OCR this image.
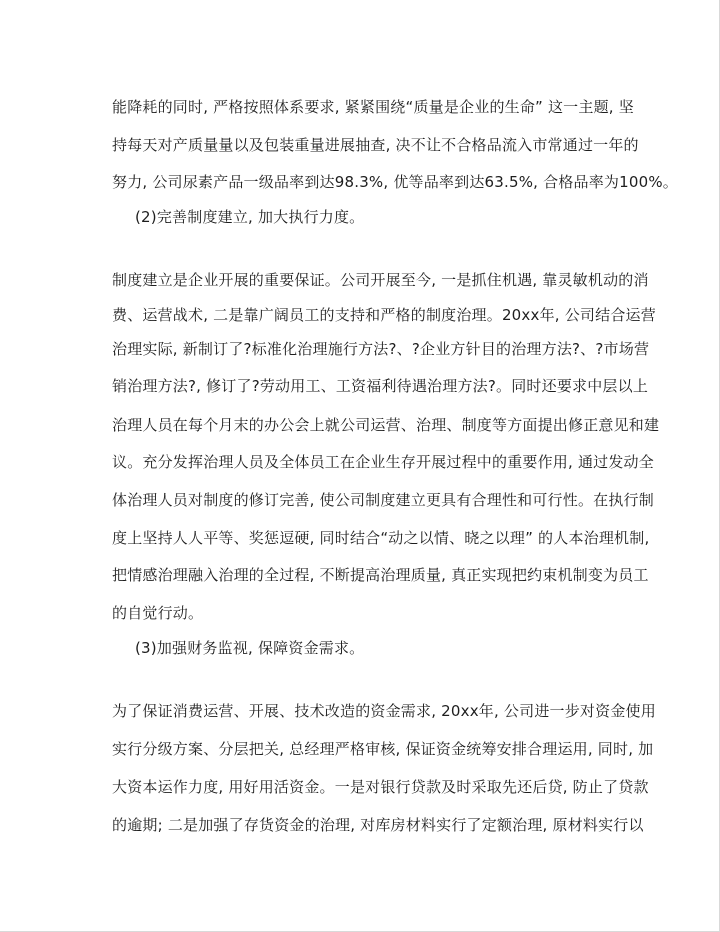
能降耗的同时, 严格按照体系要求, 紧紧围绕“质量是企业的生命” 这一主题, 坚

持每天对产质量量以及包装重量进展抽查, 决不让不合格品流入市常通过一年的

努力, 公司尿素产品一级品率到达98.3%, 优等品率到达63.5%, 合格品率为100%。

(2)完善制度建立, 加大执行力度。

制度建立是企业开展的重要保证。公司开展至今, 一是抓住机遇, 靠灵敏机动的消

费、运营战术, 二是靠广阔员工的支持和严格的制度治理。20xx年, 公司结合运营

治理实际, 新制订了?标准化治理施行方法?、?企业方针目的治理方法?、?市场营

销治理方法?, 修订了?劳动用工、工资福利待遇治理方法?。同时还要求中层以上

治理人员在每个月末的办公会上就公司运营、治理、制度等方面提出修正意见和建

议。充分发挥治理人员及全体员工在企业生存开展过程中的重要作用, 通过发动全

体治理人员对制度的修订完善, 使公司制度建立更具有合理性和可行性。在执行制

度上坚持人人平等、奖惩逗硬, 同时结合“动之以情、晓之以理” 的人本治理机制,

把情感治理融入治理的全过程, 不断提高治理质量, 真正实现把约束机制变为员工

的自觉行动。

(3)加强财务监视, 保障资金需求。

为了保证消费运营、开展、技术改造的资金需求, 20xx年, 公司进一步对资金使用

实行分级方案、分层把关, 总经理严格审核, 保证资金统筹安排合理运用, 同时, 加

大资本运作力度, 用好用活资金。一是对银行贷款及时采取先还后贷, 防止了贷款

的逾期; 二是加强了存货资金的治理, 对库房材料实行了定额治理, 原材料实行以
